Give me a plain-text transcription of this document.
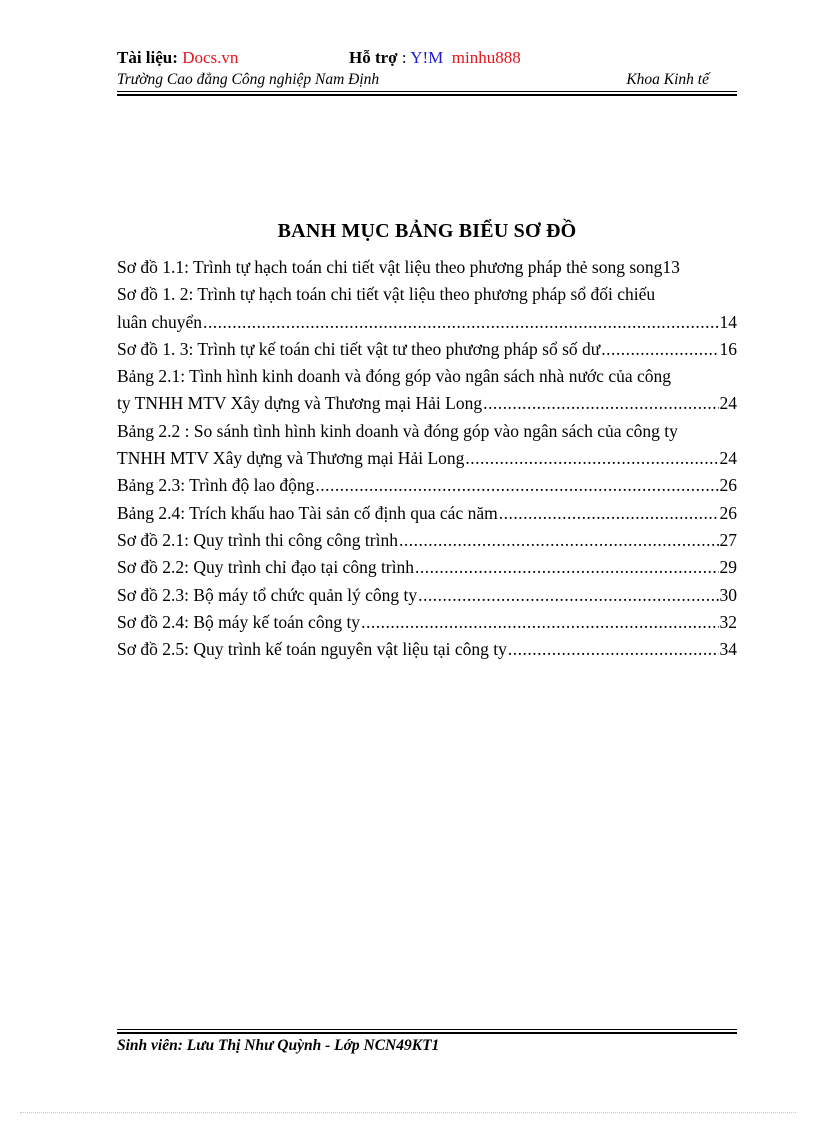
Tài liệu: Docs.vn	Hỗ trợ : Y!M minhu888
Trường Cao đẳng Công nghiệp Nam Định	Khoa Kinh tế
BANH MỤC BẢNG BIỂU SƠ ĐỒ
Sơ đồ 1.1: Trình tự hạch toán chi tiết vật liệu theo phương pháp thẻ song song13
Sơ đồ 1. 2: Trình tự hạch toán chi tiết vật liệu theo phương pháp sổ đối chiếu
luân chuyển .....	14
Sơ đồ 1. 3: Trình tự kế toán chi tiết vật tư theo phương pháp sổ số dư .....	16
Bảng 2.1: Tình hình kinh doanh và đóng góp vào ngân sách nhà nước của công
ty TNHH MTV Xây dựng và Thương mại Hải Long .....	24
Bảng 2.2 : So sánh tình hình kinh doanh và đóng góp vào ngân sách của công ty
TNHH MTV Xây dựng và Thương mại Hải Long .....	24
Bảng 2.3: Trình độ lao động .....	26
Bảng 2.4: Trích khấu hao Tài sản cố định qua các năm .....	26
Sơ đồ 2.1: Quy trình thi công công trình .....	27
Sơ đồ 2.2: Quy trình chỉ đạo tại công trình .....	29
Sơ đồ 2.3: Bộ máy tổ chức quản lý công ty .....	30
Sơ đồ 2.4: Bộ máy kế toán công ty .....	32
Sơ đồ 2.5: Quy trình kế toán nguyên vật liệu tại công ty .....	34
Sinh viên: Lưu Thị Như Quỳnh - Lớp NCN49KT1
